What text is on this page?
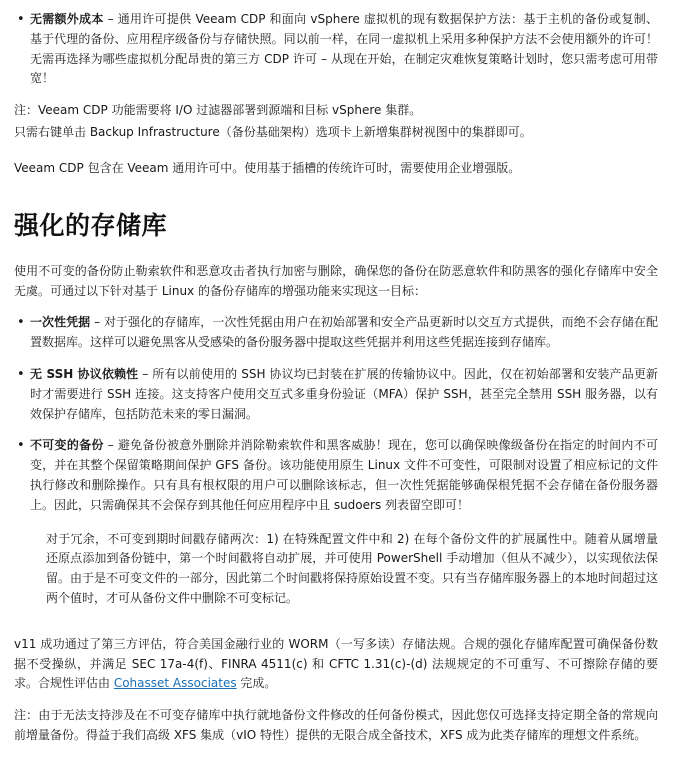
• 无需额外成本 – 通用许可提供 Veeam CDP 和面向 vSphere 虚拟机的现有数据保护方法：基于主机的备份或复制、基于代理的备份、应用程序级备份与存储快照。同以前一样，在同一虚拟机上采用多种保护方法不会使用额外的许可！无需再选择为哪些虚拟机分配昂贵的第三方 CDP 许可 – 从现在开始，在制定灾难恢复策略计划时，您只需考虑可用带宽！

注：Veeam CDP 功能需要将 I/O 过滤器部署到源端和目标 vSphere 集群。

只需右键单击 Backup Infrastructure（备份基础架构）选项卡上新增集群树视图中的集群即可。

Veeam CDP 包含在 Veeam 通用许可中。使用基于插槽的传统许可时，需要使用企业增强版。

强化的存储库

使用不可变的备份防止勒索软件和恶意攻击者执行加密与删除，确保您的备份在防恶意软件和防黑客的强化存储库中安全无虞。可通过以下针对基于 Linux 的备份存储库的增强功能来实现这一目标：

• 一次性凭据 – 对于强化的存储库，一次性凭据由用户在初始部署和安全产品更新时以交互方式提供，而绝不会存储在配置数据库。这样可以避免黑客从受感染的备份服务器中提取这些凭据并利用这些凭据连接到存储库。
• 无 SSH 协议依赖性 – 所有以前使用的 SSH 协议均已封装在扩展的传输协议中。因此，仅在初始部署和安装产品更新时才需要进行 SSH 连接。这支持客户使用交互式多重身份验证（MFA）保护 SSH，甚至完全禁用 SSH 服务器，以有效保护存储库，包括防范未来的零日漏洞。
• 不可变的备份 – 避免备份被意外删除并消除勒索软件和黑客威胁！现在，您可以确保映像级备份在指定的时间内不可变，并在其整个保留策略期间保护 GFS 备份。该功能使用原生 Linux 文件不可变性，可限制对设置了相应标记的文件执行修改和删除操作。只有具有根权限的用户可以删除该标志，但一次性凭据能够确保根凭据不会存储在备份服务器上。因此，只需确保其不会保存到其他任何应用程序中且 sudoers 列表留空即可！
对于冗余，不可变到期时间戳存储两次：1) 在特殊配置文件中和 2) 在每个备份文件的扩展属性中。随着从属增量还原点添加到备份链中，第一个时间戳将自动扩展，并可使用 PowerShell 手动增加（但从不减少），以实现依法保留。由于是不可变文件的一部分，因此第二个时间戳将保持原始设置不变。只有当存储库服务器上的本地时间超过这两个值时，才可从备份文件中删除不可变标记。

v11 成功通过了第三方评估，符合美国金融行业的 WORM（一写多读）存储法规。合规的强化存储库配置可确保备份数据不受操纵，并满足 SEC 17a-4(f)、FINRA 4511(c) 和 CFTC 1.31(c)-(d) 法规规定的不可重写、不可擦除存储的要求。合规性评估由 Cohasset Associates 完成。

注：由于无法支持涉及在不可变存储库中执行就地备份文件修改的任何备份模式，因此您仅可选择支持定期全备的常规向前增量备份。得益于我们高级 XFS 集成（vIO 特性）提供的无限合成全备技术，XFS 成为此类存储库的理想文件系统。
